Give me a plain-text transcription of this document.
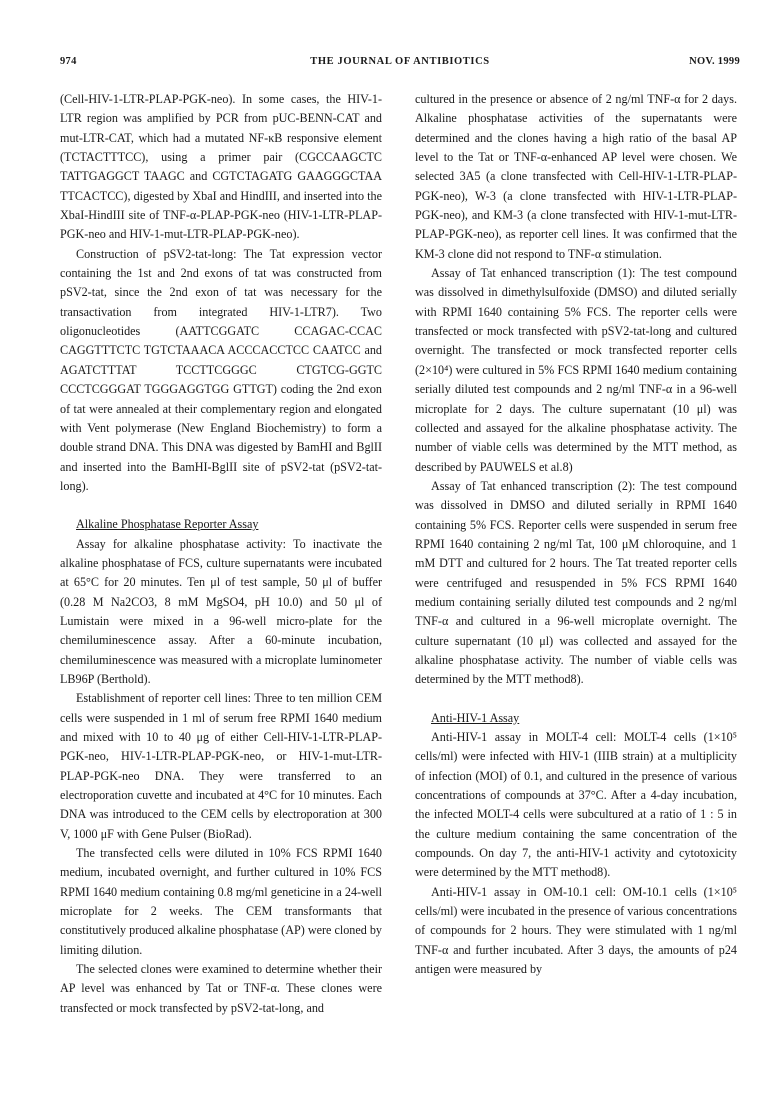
974	THE JOURNAL OF ANTIBIOTICS	NOV. 1999

(Cell-HIV-1-LTR-PLAP-PGK-neo). In some cases, the HIV-1-LTR region was amplified by PCR from pUC-BENN-CAT and mut-LTR-CAT, which had a mutated NF-κB responsive element (TCTACTTTCC), using a primer pair (CGCCAAGCTC TATTGAGGCT TAAGC and CGTCTAGATG GAAGGGCTAA TTCACTCC), digested by XbaI and HindIII, and inserted into the XbaI-HindIII site of TNF-α-PLAP-PGK-neo (HIV-1-LTR-PLAP-PGK-neo and HIV-1-mut-LTR-PLAP-PGK-neo).

Construction of pSV2-tat-long: The Tat expression vector containing the 1st and 2nd exons of tat was constructed from pSV2-tat, since the 2nd exon of tat was necessary for the transactivation from integrated HIV-1-LTR7). Two oligonucleotides (AATTCGGATC CCAGAC-CCAC CAGGTTTCTC TGTCTAAACA ACCCACCTCC CAATCC and AGATCTTTAT TCCTTCGGGC CTGTCG-GGTC CCCTCGGGAT TGGGAGGTGG GTTGT) coding the 2nd exon of tat were annealed at their complementary region and elongated with Vent polymerase (New England Biochemistry) to form a double strand DNA. This DNA was digested by BamHI and BglII and inserted into the BamHI-BglII site of pSV2-tat (pSV2-tat-long).

Alkaline Phosphatase Reporter Assay

Assay for alkaline phosphatase activity: To inactivate the alkaline phosphatase of FCS, culture supernatants were incubated at 65°C for 20 minutes. Ten μl of test sample, 50 μl of buffer (0.28 M Na2CO3, 8 mM MgSO4, pH 10.0) and 50 μl of Lumistain were mixed in a 96-well micro-plate for the chemiluminescence assay. After a 60-minute incubation, chemiluminescence was measured with a microplate luminometer LB96P (Berthold).

Establishment of reporter cell lines: Three to ten million CEM cells were suspended in 1 ml of serum free RPMI 1640 medium and mixed with 10 to 40 μg of either Cell-HIV-1-LTR-PLAP-PGK-neo, HIV-1-LTR-PLAP-PGK-neo, or HIV-1-mut-LTR-PLAP-PGK-neo DNA. They were transferred to an electroporation cuvette and incubated at 4°C for 10 minutes. Each DNA was introduced to the CEM cells by electroporation at 300 V, 1000 μF with Gene Pulser (BioRad).

The transfected cells were diluted in 10% FCS RPMI 1640 medium, incubated overnight, and further cultured in 10% FCS RPMI 1640 medium containing 0.8 mg/ml geneticine in a 24-well microplate for 2 weeks. The CEM transformants that constitutively produced alkaline phosphatase (AP) were cloned by limiting dilution.

The selected clones were examined to determine whether their AP level was enhanced by Tat or TNF-α. These clones were transfected or mock transfected by pSV2-tat-long, and

cultured in the presence or absence of 2 ng/ml TNF-α for 2 days. Alkaline phosphatase activities of the supernatants were determined and the clones having a high ratio of the basal AP level to the Tat or TNF-α-enhanced AP level were chosen. We selected 3A5 (a clone transfected with Cell-HIV-1-LTR-PLAP-PGK-neo), W-3 (a clone transfected with HIV-1-LTR-PLAP-PGK-neo), and KM-3 (a clone transfected with HIV-1-mut-LTR-PLAP-PGK-neo), as reporter cell lines. It was confirmed that the KM-3 clone did not respond to TNF-α stimulation.

Assay of Tat enhanced transcription (1): The test compound was dissolved in dimethylsulfoxide (DMSO) and diluted serially with RPMI 1640 containing 5% FCS. The reporter cells were transfected or mock transfected with pSV2-tat-long and cultured overnight. The transfected or mock transfected reporter cells (2×10⁴) were cultured in 5% FCS RPMI 1640 medium containing serially diluted test compounds and 2 ng/ml TNF-α in a 96-well microplate for 2 days. The culture supernatant (10 μl) was collected and assayed for the alkaline phosphatase activity. The number of viable cells was determined by the MTT method, as described by PAUWELS et al.8)

Assay of Tat enhanced transcription (2): The test compound was dissolved in DMSO and diluted serially in RPMI 1640 containing 5% FCS. Reporter cells were suspended in serum free RPMI 1640 containing 2 ng/ml Tat, 100 μM chloroquine, and 1 mM DTT and cultured for 2 hours. The Tat treated reporter cells were centrifuged and resuspended in 5% FCS RPMI 1640 medium containing serially diluted test compounds and 2 ng/ml TNF-α and cultured in a 96-well microplate overnight. The culture supernatant (10 μl) was collected and assayed for the alkaline phosphatase activity. The number of viable cells was determined by the MTT method8).

Anti-HIV-1 Assay

Anti-HIV-1 assay in MOLT-4 cell: MOLT-4 cells (1×10⁵ cells/ml) were infected with HIV-1 (IIIB strain) at a multiplicity of infection (MOI) of 0.1, and cultured in the presence of various concentrations of compounds at 37°C. After a 4-day incubation, the infected MOLT-4 cells were subcultured at a ratio of 1 : 5 in the culture medium containing the same concentration of the compounds. On day 7, the anti-HIV-1 activity and cytotoxicity were determined by the MTT method8).

Anti-HIV-1 assay in OM-10.1 cell: OM-10.1 cells (1×10⁵ cells/ml) were incubated in the presence of various concentrations of compounds for 2 hours. They were stimulated with 1 ng/ml TNF-α and further incubated. After 3 days, the amounts of p24 antigen were measured by
